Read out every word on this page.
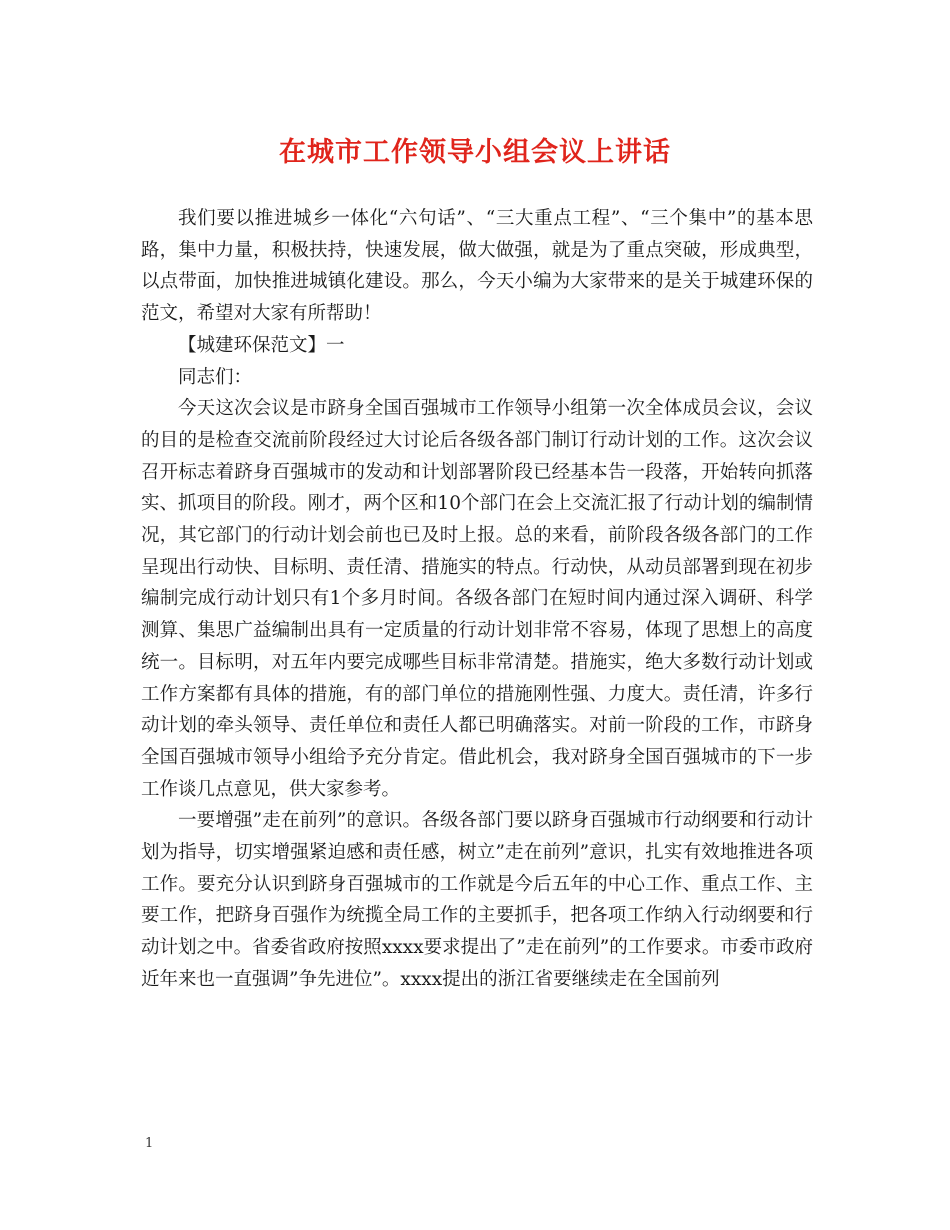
在城市工作领导小组会议上讲话

我们要以推进城乡一体化“六句话”、“三大重点工程”、“三个集中”的基本思路，集中力量，积极扶持，快速发展，做大做强，就是为了重点突破，形成典型，以点带面，加快推进城镇化建设。那么，今天小编为大家带来的是关于城建环保的范文，希望对大家有所帮助！

【城建环保范文】一

同志们：

今天这次会议是市跻身全国百强城市工作领导小组第一次全体成员会议，会议的目的是检查交流前阶段经过大讨论后各级各部门制订行动计划的工作。这次会议召开标志着跻身百强城市的发动和计划部署阶段已经基本告一段落，开始转向抓落实、抓项目的阶段。刚才，两个区和10个部门在会上交流汇报了行动计划的编制情况，其它部门的行动计划会前也已及时上报。总的来看，前阶段各级各部门的工作呈现出行动快、目标明、责任清、措施实的特点。行动快，从动员部署到现在初步编制完成行动计划只有1个多月时间。各级各部门在短时间内通过深入调研、科学测算、集思广益编制出具有一定质量的行动计划非常不容易，体现了思想上的高度统一。目标明，对五年内要完成哪些目标非常清楚。措施实，绝大多数行动计划或工作方案都有具体的措施，有的部门单位的措施刚性强、力度大。责任清，许多行动计划的牵头领导、责任单位和责任人都已明确落实。对前一阶段的工作，市跻身全国百强城市领导小组给予充分肯定。借此机会，我对跻身全国百强城市的下一步工作谈几点意见，供大家参考。

一要增强”走在前列”的意识。各级各部门要以跻身百强城市行动纲要和行动计划为指导，切实增强紧迫感和责任感，树立”走在前列”意识，扎实有效地推进各项工作。要充分认识到跻身百强城市的工作就是今后五年的中心工作、重点工作、主要工作，把跻身百强作为统揽全局工作的主要抓手，把各项工作纳入行动纲要和行动计划之中。省委省政府按照xxxx要求提出了”走在前列”的工作要求。市委市政府近年来也一直强调”争先进位”。xxxx提出的浙江省要继续走在全国前列

1
